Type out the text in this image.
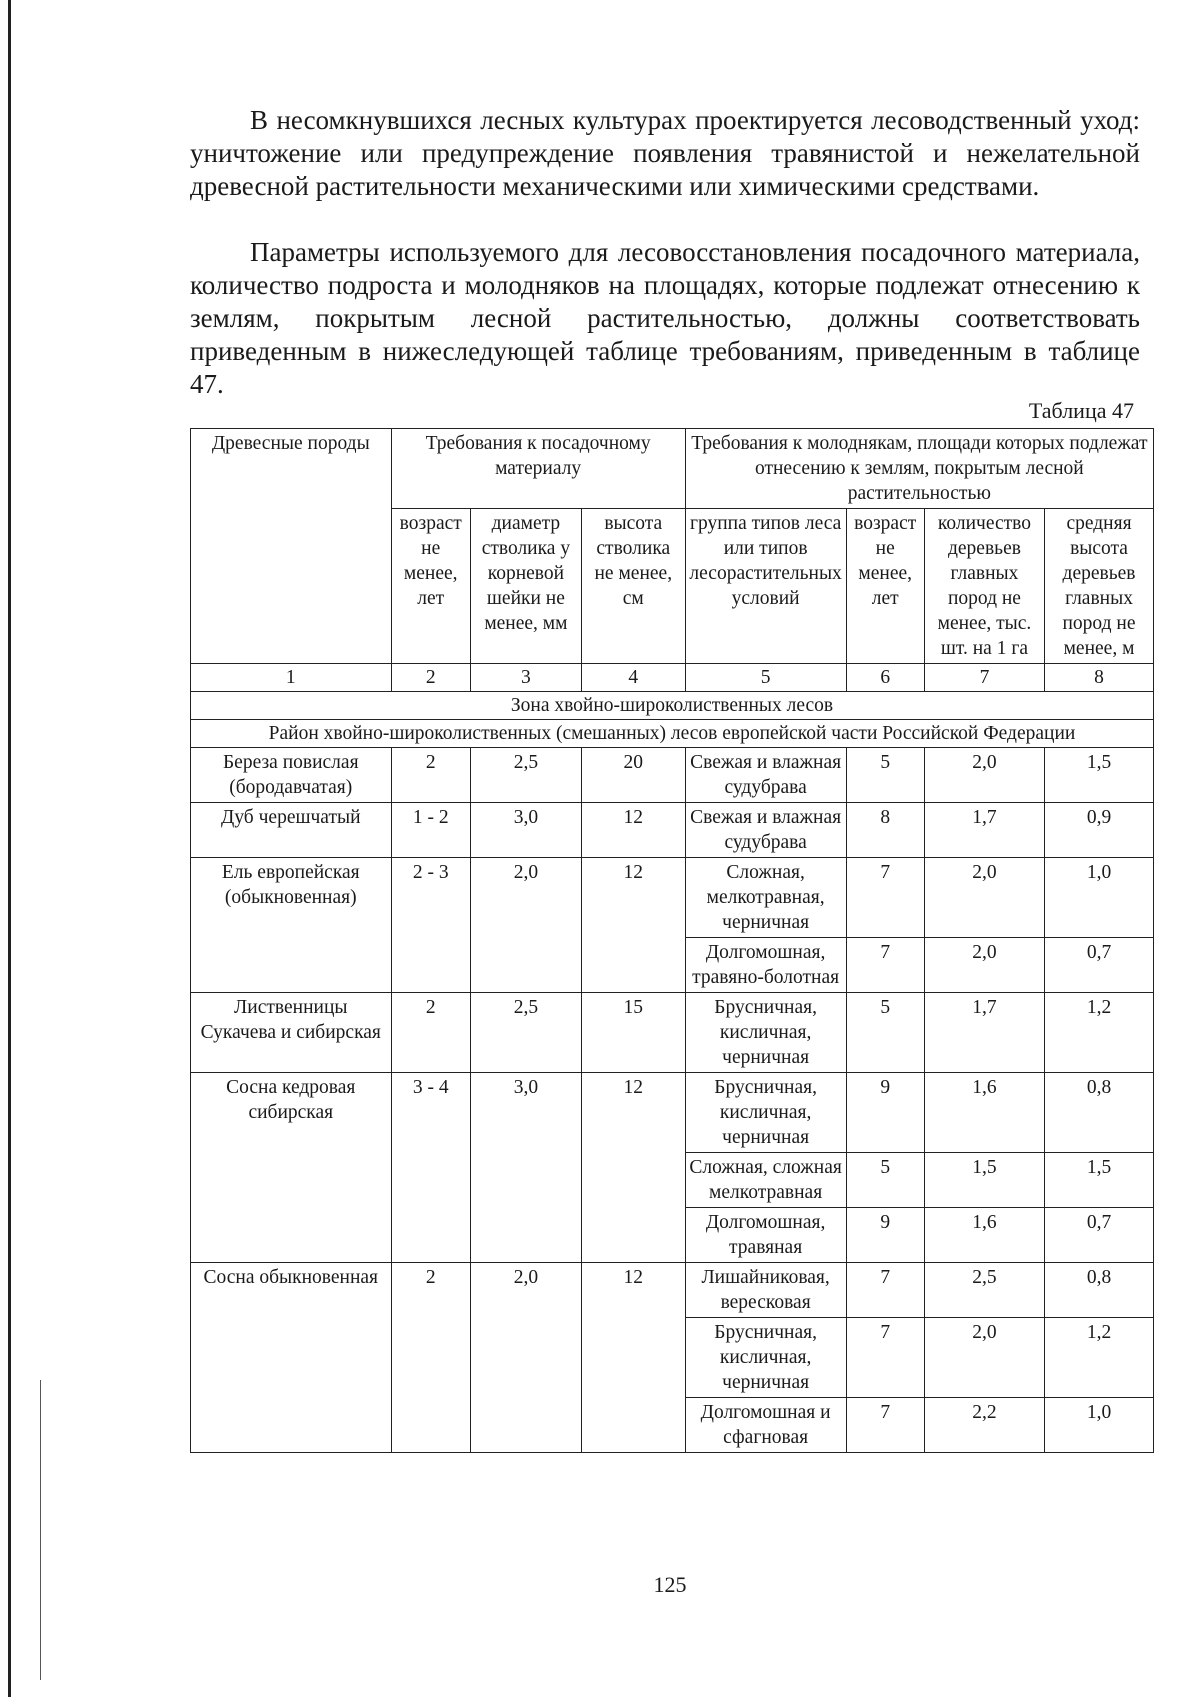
В несомкнувшихся лесных культурах проектируется лесоводственный уход: уничтожение или предупреждение появления травянистой и нежелательной древесной растительности механическими или химическими средствами.

Параметры используемого для лесовосстановления посадочного материала, количество подроста и молодняков на площадях, которые подлежат отнесению к землям, покрытым лесной растительностью, должны соответствовать приведенным в нижеследующей таблице требованиям, приведенным в таблице 47.

Таблица 47
Древесные породы	Требования к посадочному материалу			Требования к молоднякам, площади которых подлежат отнесению к землям, покрытым лесной растительностью			
	возраст не менее, лет	диаметр стволика у корневой шейки не менее, мм	высота стволика не менее, см	группа типов леса или типов лесорастительных условий	возраст не менее, лет	количество деревьев главных пород не менее, тыс. шт. на 1 га	средняя высота деревьев главных пород не менее, м
1	2	3	4	5	6	7	8
Зона хвойно-широколиственных лесов							
Район хвойно-широколиственных (смешанных) лесов европейской части Российской Федерации							
Береза повислая (бородавчатая)	2	2,5	20	Свежая и влажная судубрава	5	2,0	1,5
Дуб черешчатый	1 - 2	3,0	12	Свежая и влажная судубрава	8	1,7	0,9
Ель европейская (обыкновенная)	2 - 3	2,0	12	Сложная, мелкотравная, черничная	7	2,0	1,0
				Долгомошная, травяно-болотная	7	2,0	0,7
Лиственницы Сукачева и сибирская	2	2,5	15	Брусничная, кисличная, черничная	5	1,7	1,2
Сосна кедровая сибирская	3 - 4	3,0	12	Брусничная, кисличная, черничная	9	1,6	0,8
				Сложная, сложная мелкотравная	5	1,5	1,5
				Долгомошная, травяная	9	1,6	0,7
Сосна обыкновенная	2	2,0	12	Лишайниковая, вересковая	7	2,5	0,8
				Брусничная, кисличная, черничная	7	2,0	1,2
				Долгомошная и сфагновая	7	2,2	1,0
125
